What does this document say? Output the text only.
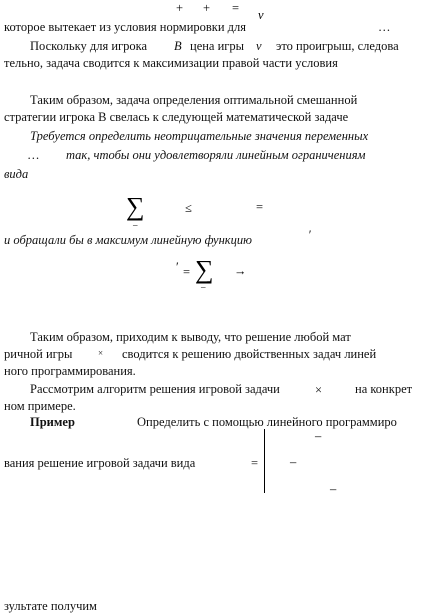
+ + = ν
которое вытекает из условия нормировки для	…
Поскольку для игрока В цена игры ν это проигрыш, следова
тельно, задача сводится к максимизации правой части условия
Таким образом, задача определения оптимальной смешанной
стратегии игрока В свелась к следующей математической задаче
Требуется определить неотрицательные значения переменных
… так, чтобы они удовлетворяли линейным ограничениям
вида
∑
‒
≤	=
и обращали бы в максимум линейную функцию	′
′ = ∑
‒
→
Таким образом, приходим к выводу, что решение любой мат
ричной игры	× сводится к решению двойственных задач линей
ного программирования.
Рассмотрим алгоритм решения игровой задачи	×	на конкрет
ном примере.
Пример	Определить с помощью линейного программиро
вания решение игровой задачи вида	=
‒
‒
‒
зультате получим
